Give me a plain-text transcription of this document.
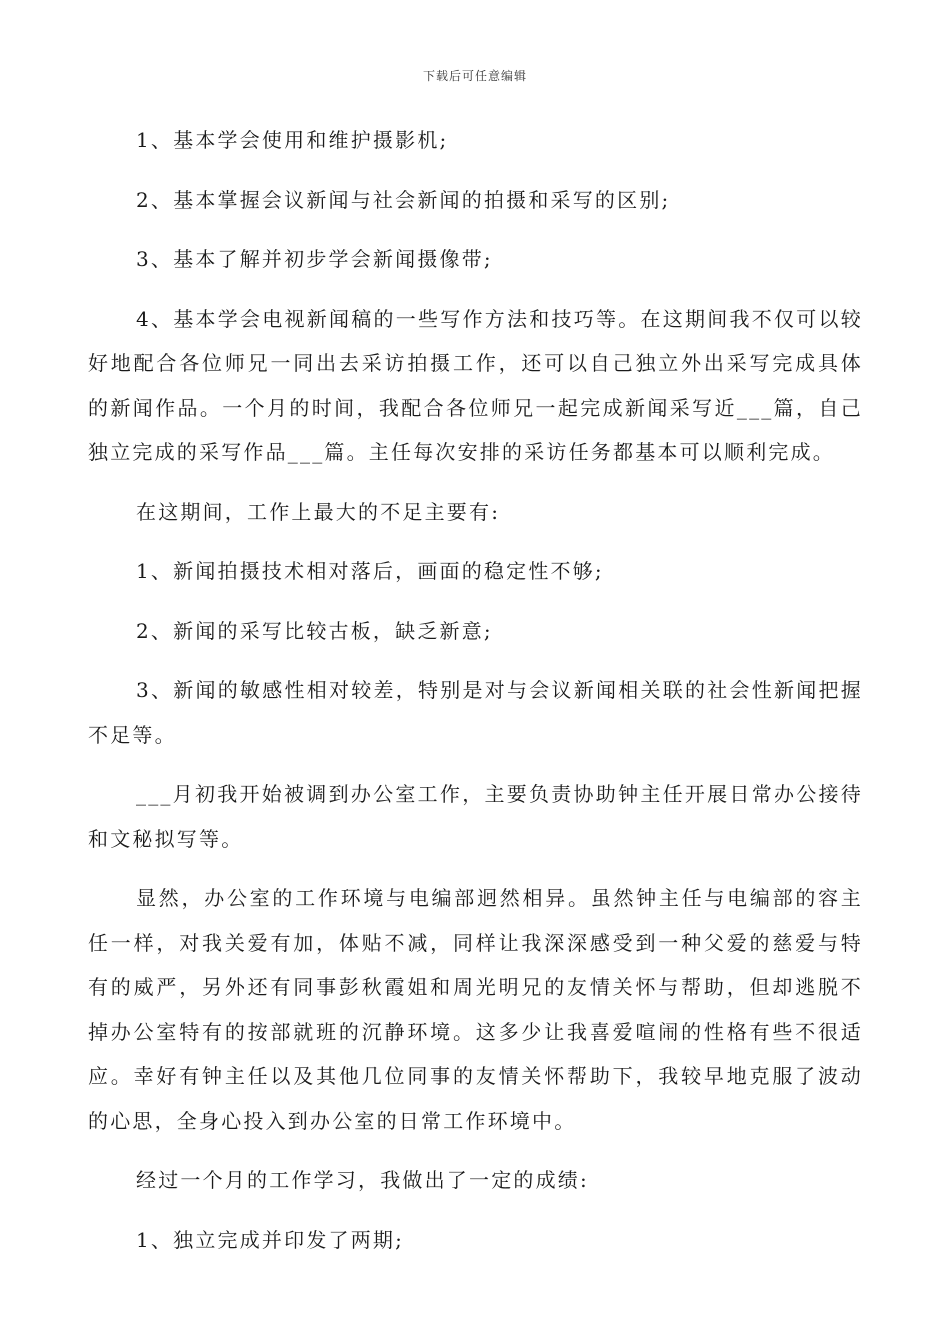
下载后可任意编辑

1、基本学会使用和维护摄影机;

2、基本掌握会议新闻与社会新闻的拍摄和采写的区别;

3、基本了解并初步学会新闻摄像带;

4、基本学会电视新闻稿的一些写作方法和技巧等。在这期间我不仅可以较好地配合各位师兄一同出去采访拍摄工作，还可以自己独立外出采写完成具体的新闻作品。一个月的时间，我配合各位师兄一起完成新闻采写近___篇，自己独立完成的采写作品___篇。主任每次安排的采访任务都基本可以顺利完成。

在这期间，工作上最大的不足主要有:

1、新闻拍摄技术相对落后，画面的稳定性不够;

2、新闻的采写比较古板，缺乏新意;

3、新闻的敏感性相对较差，特别是对与会议新闻相关联的社会性新闻把握不足等。

___月初我开始被调到办公室工作，主要负责协助钟主任开展日常办公接待和文秘拟写等。

显然，办公室的工作环境与电编部迥然相异。虽然钟主任与电编部的容主任一样，对我关爱有加，体贴不减，同样让我深深感受到一种父爱的慈爱与特有的威严，另外还有同事彭秋霞姐和周光明兄的友情关怀与帮助，但却逃脱不掉办公室特有的按部就班的沉静环境。这多少让我喜爱喧闹的性格有些不很适应。幸好有钟主任以及其他几位同事的友情关怀帮助下，我较早地克服了波动的心思，全身心投入到办公室的日常工作环境中。

经过一个月的工作学习，我做出了一定的成绩:

1、独立完成并印发了两期;
